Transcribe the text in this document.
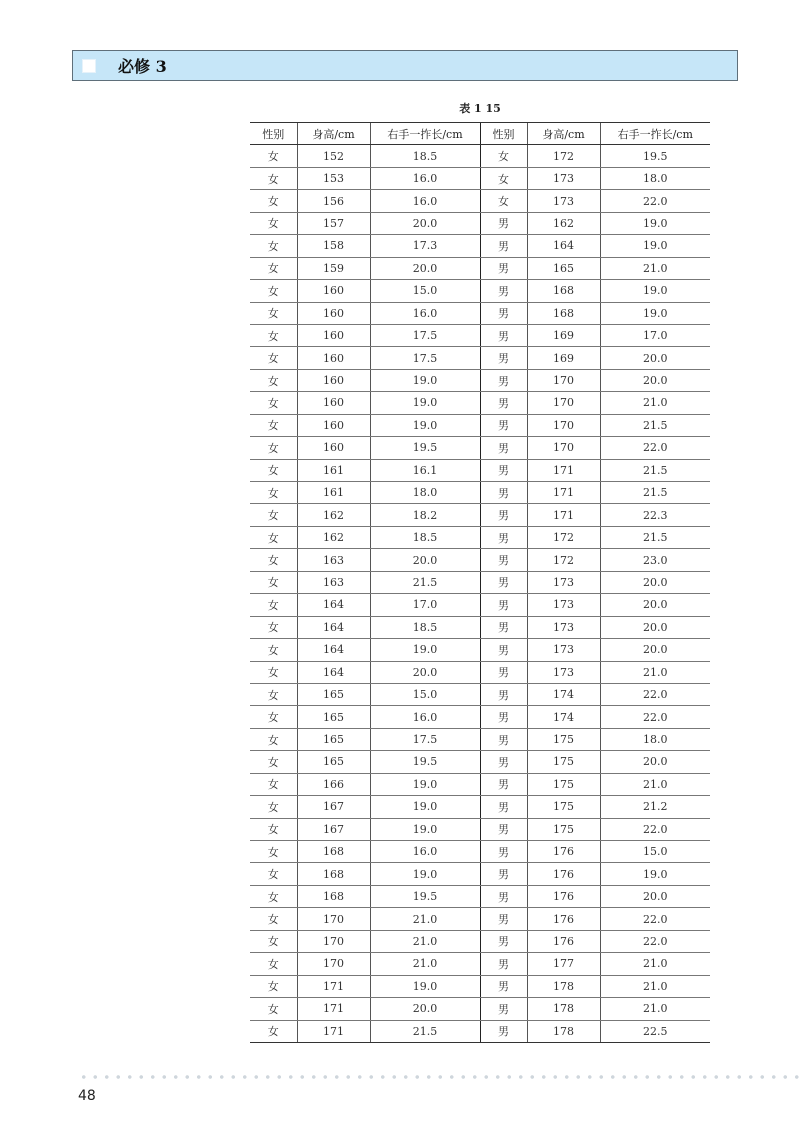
必修 3
表 1 15
性别	身高/cm	右手一拃长/cm	性别	身高/cm	右手一拃长/cm
女	152	18.5	女	172	19.5
女	153	16.0	女	173	18.0
女	156	16.0	女	173	22.0
女	157	20.0	男	162	19.0
女	158	17.3	男	164	19.0
女	159	20.0	男	165	21.0
女	160	15.0	男	168	19.0
女	160	16.0	男	168	19.0
女	160	17.5	男	169	17.0
女	160	17.5	男	169	20.0
女	160	19.0	男	170	20.0
女	160	19.0	男	170	21.0
女	160	19.0	男	170	21.5
女	160	19.5	男	170	22.0
女	161	16.1	男	171	21.5
女	161	18.0	男	171	21.5
女	162	18.2	男	171	22.3
女	162	18.5	男	172	21.5
女	163	20.0	男	172	23.0
女	163	21.5	男	173	20.0
女	164	17.0	男	173	20.0
女	164	18.5	男	173	20.0
女	164	19.0	男	173	20.0
女	164	20.0	男	173	21.0
女	165	15.0	男	174	22.0
女	165	16.0	男	174	22.0
女	165	17.5	男	175	18.0
女	165	19.5	男	175	20.0
女	166	19.0	男	175	21.0
女	167	19.0	男	175	21.2
女	167	19.0	男	175	22.0
女	168	16.0	男	176	15.0
女	168	19.0	男	176	19.0
女	168	19.5	男	176	20.0
女	170	21.0	男	176	22.0
女	170	21.0	男	176	22.0
女	170	21.0	男	177	21.0
女	171	19.0	男	178	21.0
女	171	20.0	男	178	21.0
女	171	21.5	男	178	22.5
48
